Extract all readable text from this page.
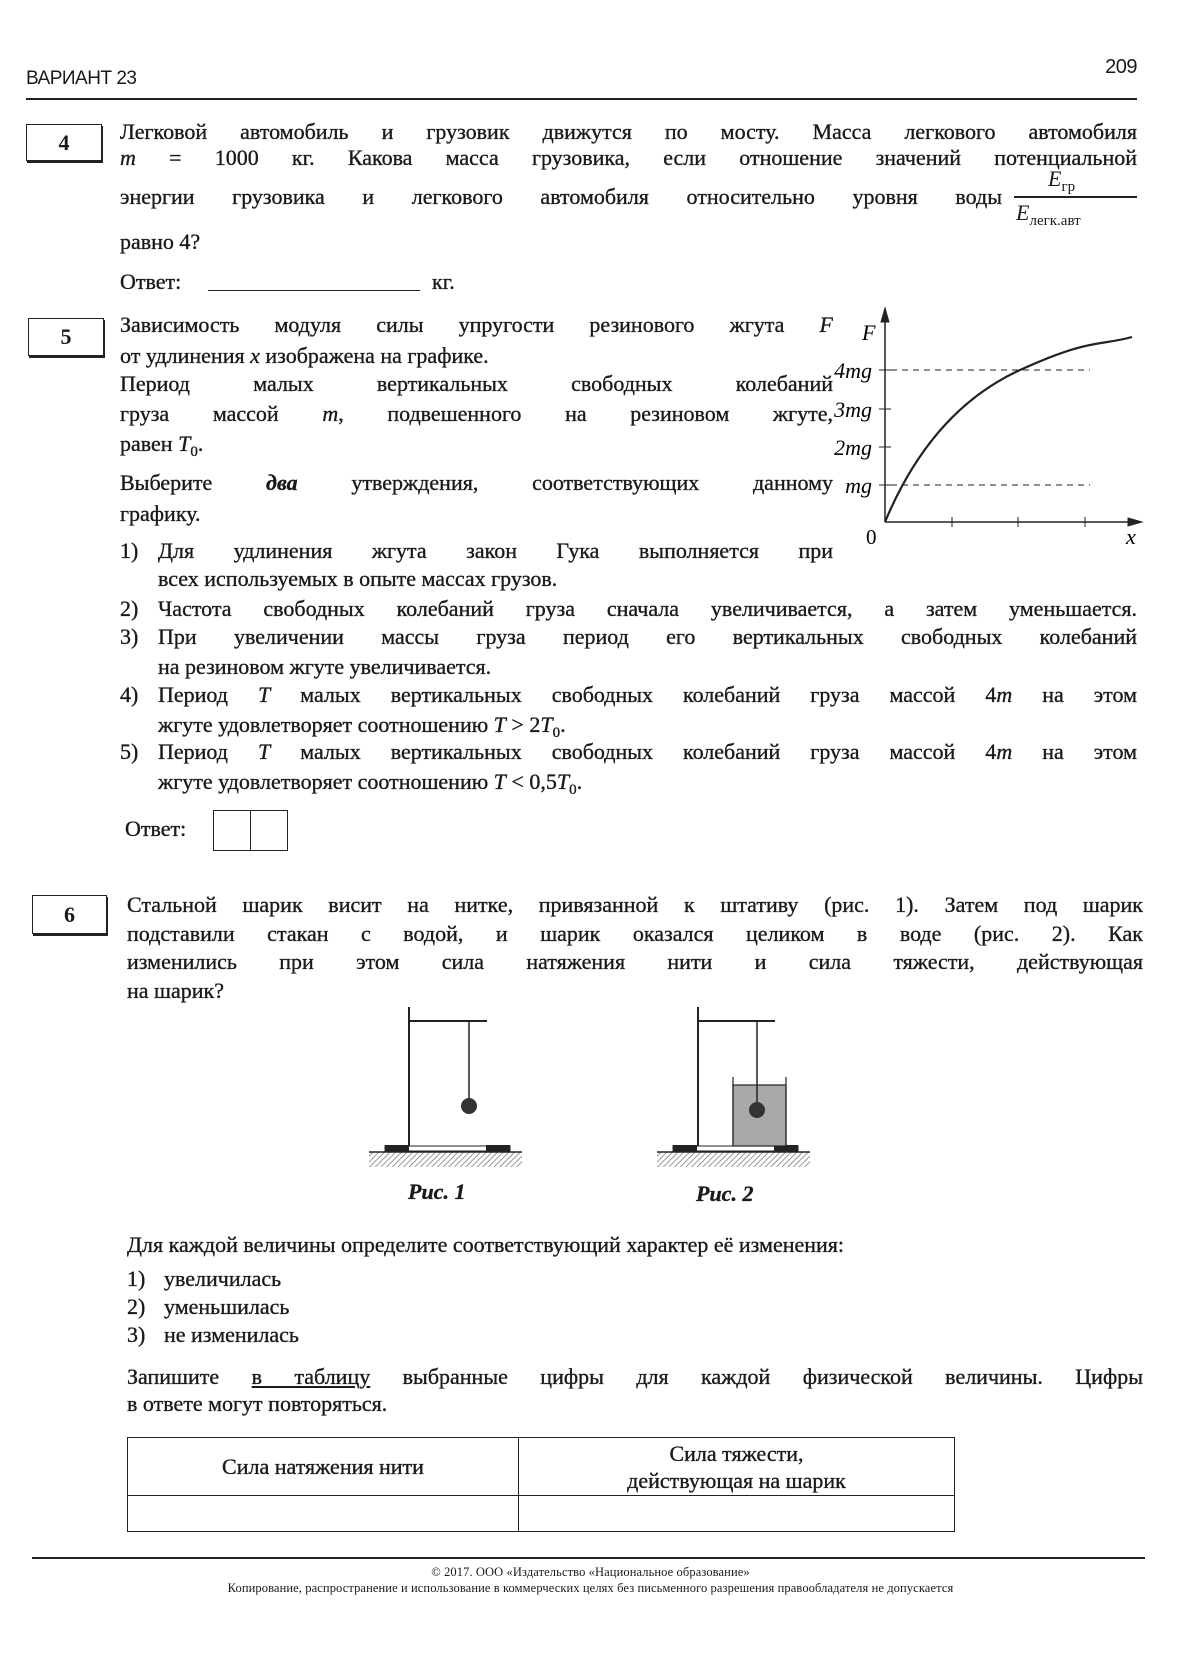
ВАРИАНТ 23
209
4	Легковой автомобиль и грузовик движутся по мосту. Масса легкового автомобиля
m = 1000 кг. Какова масса грузовика, если отношение значений потенциальной
энергии грузовика и легкового автомобиля относительно уровня воды
равно 4?
$E_{гр}$
$E_{легк.авт}$
Ответ:	кг.
5	Зависимость модуля силы упругости резинового жгута F
от удлинения x изображена на графике.
Период малых вертикальных свободных колебаний
груза массой m, подвешенного на резиновом жгуте,
равен $T_0$.
Выберите два утверждения, соответствующих данному
графику.
Для удлинения жгута закон Гука выполняется при
всех используемых в опыте массах грузов.
Частота свободных колебаний груза сначала увеличивается, а затем уменьшается.
При увеличении массы груза период его вертикальных свободных колебаний
на резиновом жгуте увеличивается.
Период T малых вертикальных свободных колебаний груза массой 4m на этом
жгуте удовлетворяет соотношению $T > 2T_0$.
Период T малых вертикальных свободных колебаний груза массой 4m на этом
жгуте удовлетворяет соотношению $T < 0,5T_0$.
1)
2)
3)
4)
5)
F
4mg
3mg
2mg
mg
0	x
Ответ:
6	Стальной шарик висит на нитке, привязанной к штативу (рис. 1). Затем под шарик
подставили стакан с водой, и шарик оказался целиком в воде (рис. 2). Как
изменились при этом сила натяжения нити и сила тяжести, действующая
на шарик?
Для каждой величины определите соответствующий характер её изменения:
Запишите в таблицу выбранные цифры для каждой физической величины. Цифры
в ответе могут повторяться.
1) увеличилась
2) уменьшилась
3) не изменилась
Рис. 1	Рис. 2
Сила натяжения нити	Сила тяжести,
действующая на шарик

© 2017. ООО «Издательство «Национальное образование»
Копирование, распространение и использование в коммерческих целях без письменного разрешения правообладателя не допускается
